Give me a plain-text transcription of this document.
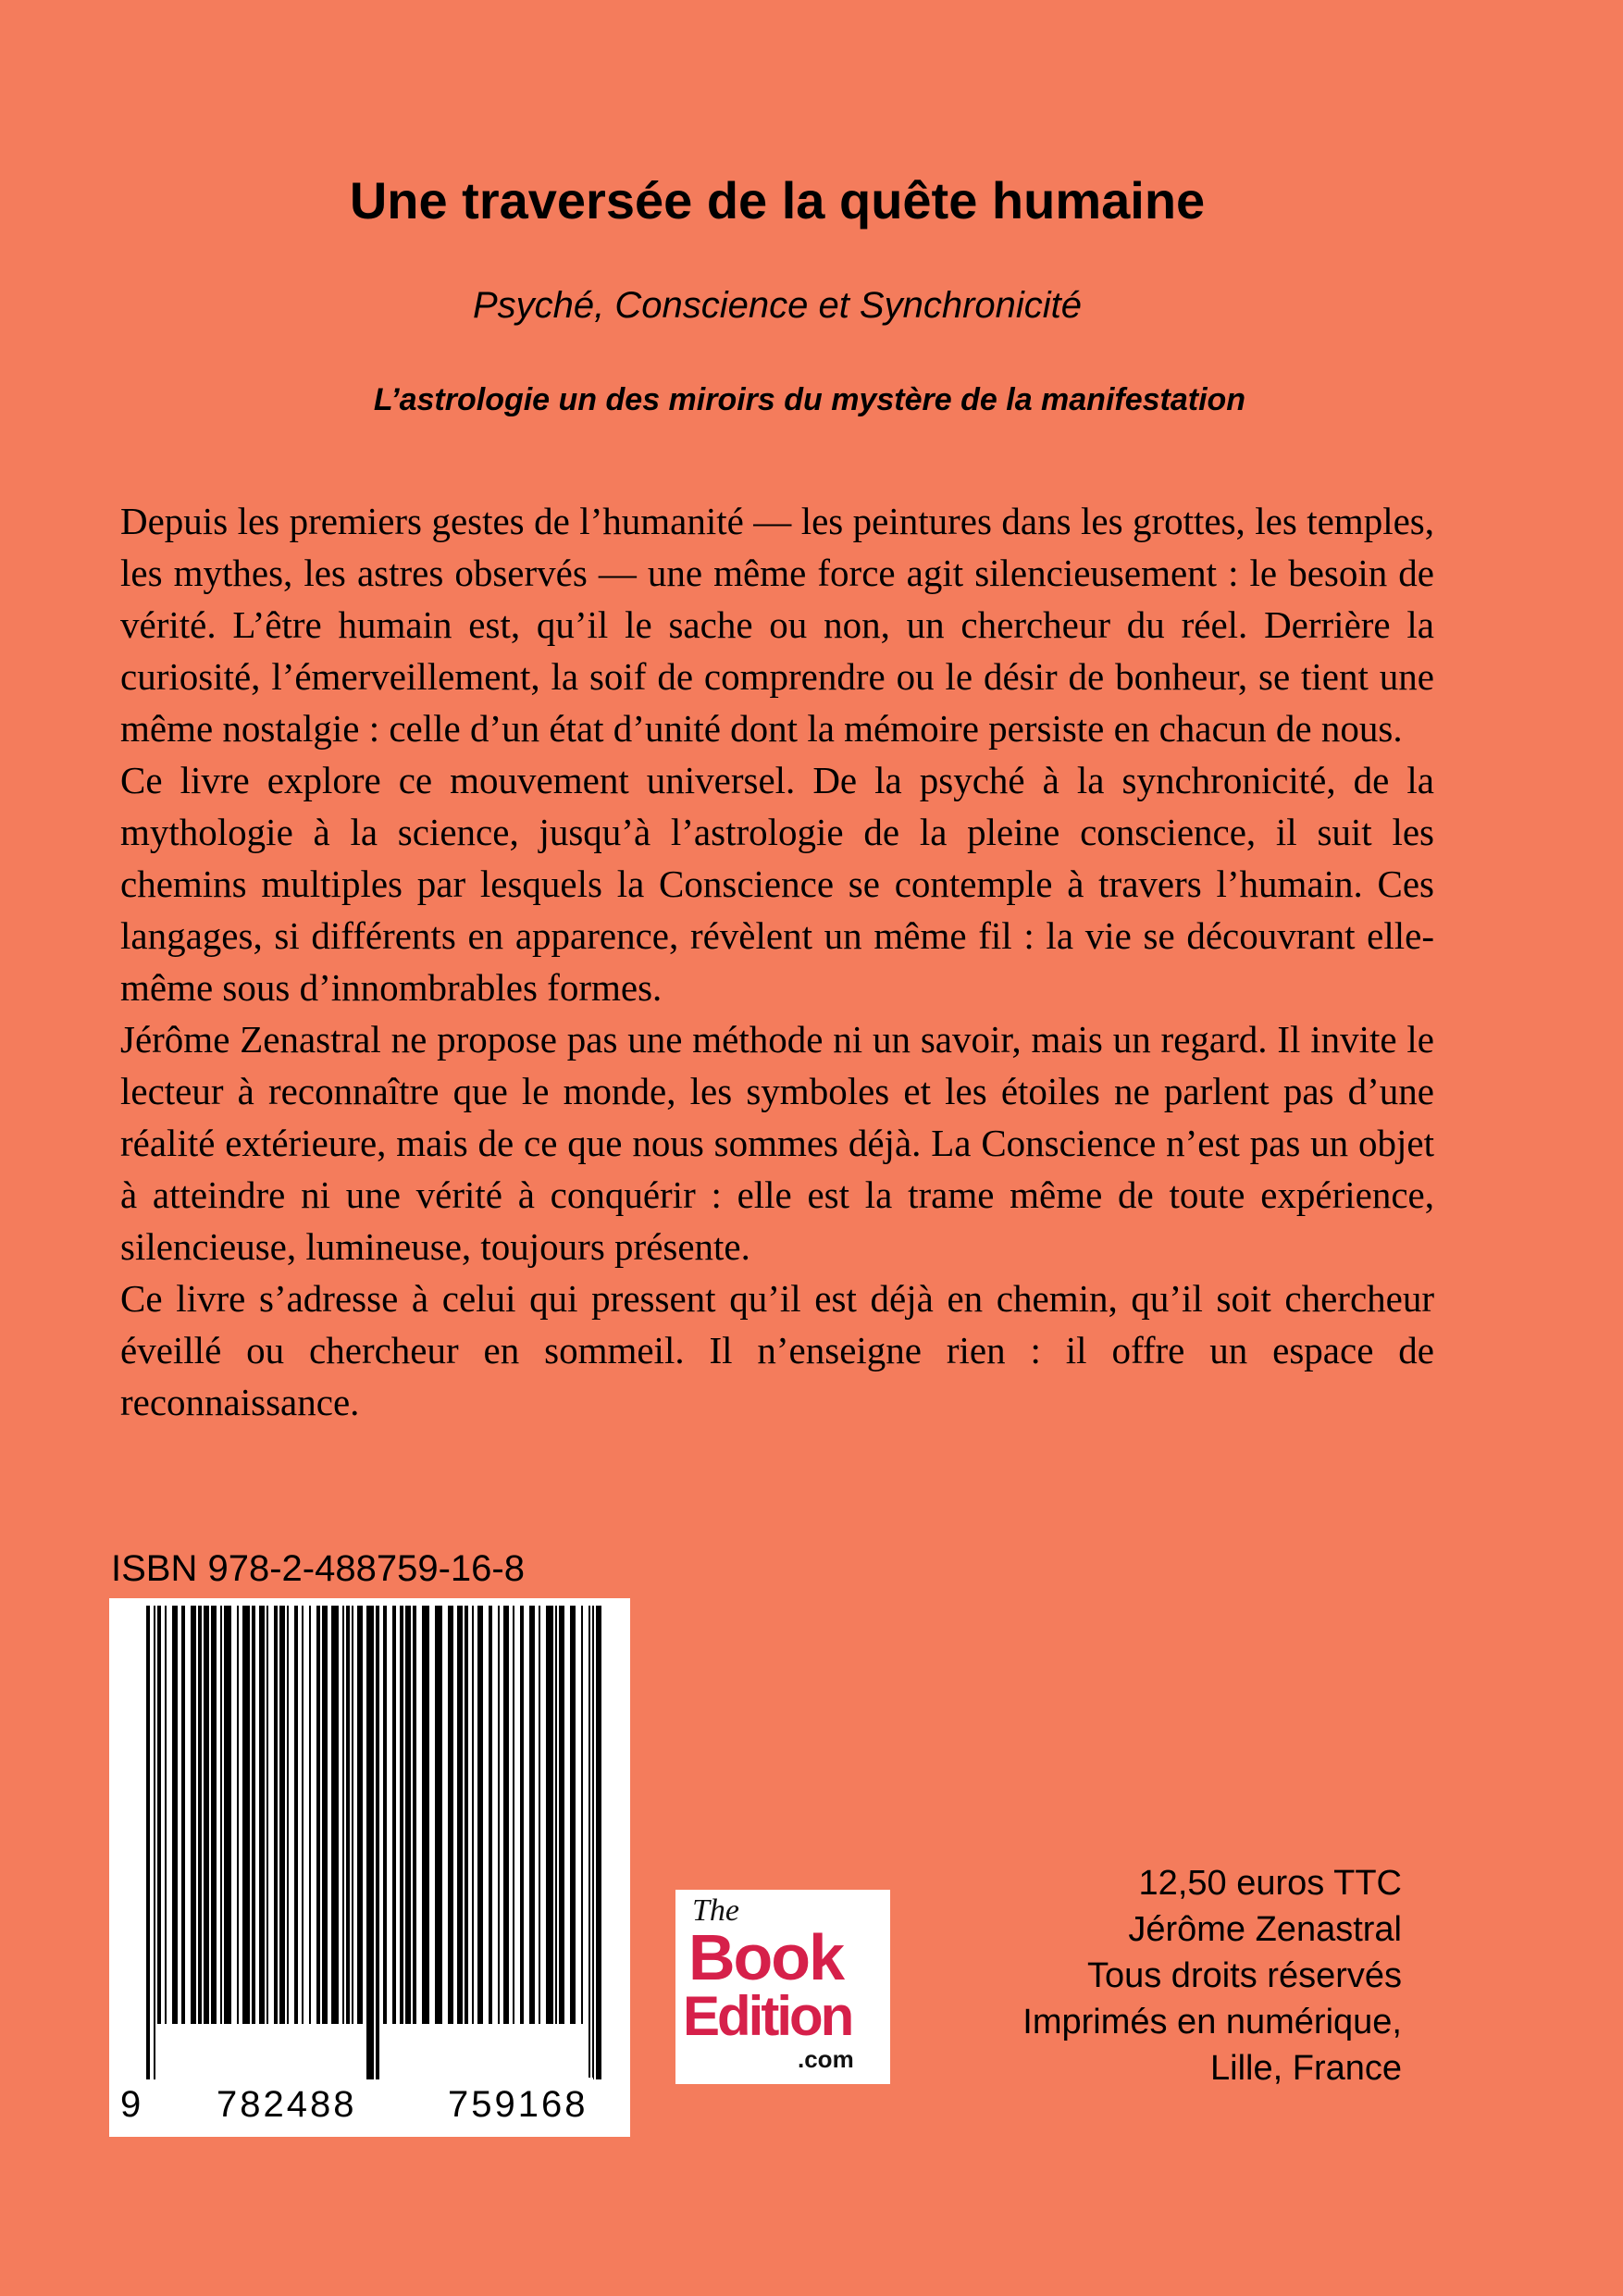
Une traversée de la quête humaine
Psyché, Conscience et Synchronicité
L’astrologie un des miroirs du mystère de la manifestation

Depuis les premiers gestes de l’humanité — les peintures dans les grottes, les temples, les mythes, les astres observés — une même force agit silencieusement : le besoin de vérité. L’être humain est, qu’il le sache ou non, un chercheur du réel. Derrière la curiosité, l’émerveillement, la soif de comprendre ou le désir de bonheur, se tient une même nostalgie : celle d’un état d’unité dont la mémoire persiste en chacun de nous.

Ce livre explore ce mouvement universel. De la psyché à la synchronicité, de la mythologie à la science, jusqu’à l’astrologie de la pleine conscience, il suit les chemins multiples par lesquels la Conscience se contemple à travers l’humain. Ces langages, si différents en apparence, révèlent un même fil : la vie se découvrant elle-même sous d’innombrables formes.

Jérôme Zenastral ne propose pas une méthode ni un savoir, mais un regard. Il invite le lecteur à reconnaître que le monde, les symboles et les étoiles ne parlent pas d’une réalité extérieure, mais de ce que nous sommes déjà. La Conscience n’est pas un objet à atteindre ni une vérité à conquérir : elle est la trame même de toute expérience, silencieuse, lumineuse, toujours présente.

Ce livre s’adresse à celui qui pressent qu’il est déjà en chemin, qu’il soit chercheur éveillé ou chercheur en sommeil. Il n’enseigne rien : il offre un espace de reconnaissance.

ISBN 978-2-488759-16-8
9 782488 759168
The
Book
Edition
.com
12,50 euros TTC
Jérôme Zenastral
Tous droits réservés
Imprimés en numérique,
Lille, France
